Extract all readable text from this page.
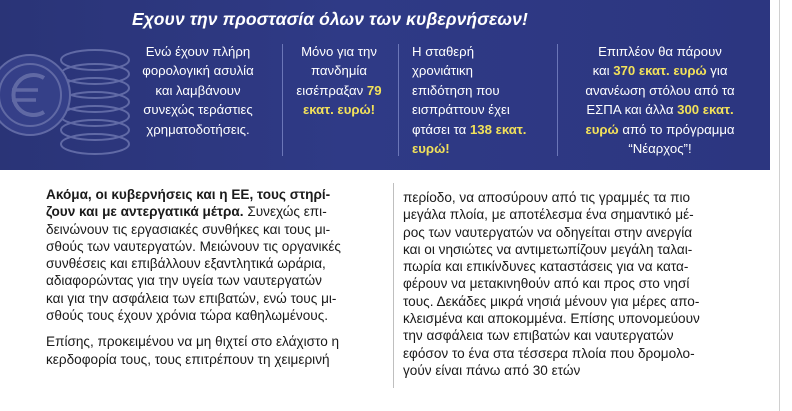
Εχουν την προστασία όλων των κυβερνήσεων!
Ενώ έχουν πλήρη
φορολογική ασυλία
και λαμβάνουν
συνεχώς τεράστιες
χρηματοδοτήσεις.
Μόνο για την
πανδημία
εισέπραξαν 79
εκατ. ευρώ!
Η σταθερή
χρονιάτικη
επιδότηση που
εισπράττουν έχει
φτάσει τα 138 εκατ.
ευρώ!
Επιπλέον θα πάρουν
και 370 εκατ. ευρώ για
ανανέωση στόλου από τα
ΕΣΠΑ και άλλα 300 εκατ.
ευρώ από το πρόγραμμα
“Νέαρχος”!
Ακόμα, οι κυβερνήσεις και η ΕΕ, τους στηρί-
ζουν και με αντεργατικά μέτρα. Συνεχώς επι-
δεινώνουν τις εργασιακές συνθήκες και τους μι-
σθούς των ναυτεργατών. Μειώνουν τις οργανικές
συνθέσεις και επιβάλλουν εξαντλητικά ωράρια,
αδιαφορώντας για την υγεία των ναυτεργατών
και για την ασφάλεια των επιβατών, ενώ τους μι-
σθούς τους έχουν χρόνια τώρα καθηλωμένους.
Επίσης, προκειμένου να μη θιχτεί στο ελάχιστο η
κερδοφορία τους, τους επιτρέπουν τη χειμερινή
περίοδο, να αποσύρουν από τις γραμμές τα πιο
μεγάλα πλοία, με αποτέλεσμα ένα σημαντικό μέ-
ρος των ναυτεργατών να οδηγείται στην ανεργία
και οι νησιώτες να αντιμετωπίζουν μεγάλη ταλαι-
πωρία και επικίνδυνες καταστάσεις για να κατα-
φέρουν να μετακινηθούν από και προς στο νησί
τους. Δεκάδες μικρά νησιά μένουν για μέρες απο-
κλεισμένα και αποκομμένα. Επίσης υπονομεύουν
την ασφάλεια των επιβατών και ναυτεργατών
εφόσον το ένα στα τέσσερα πλοία που δρομολο-
γούν είναι πάνω από 30 ετών
